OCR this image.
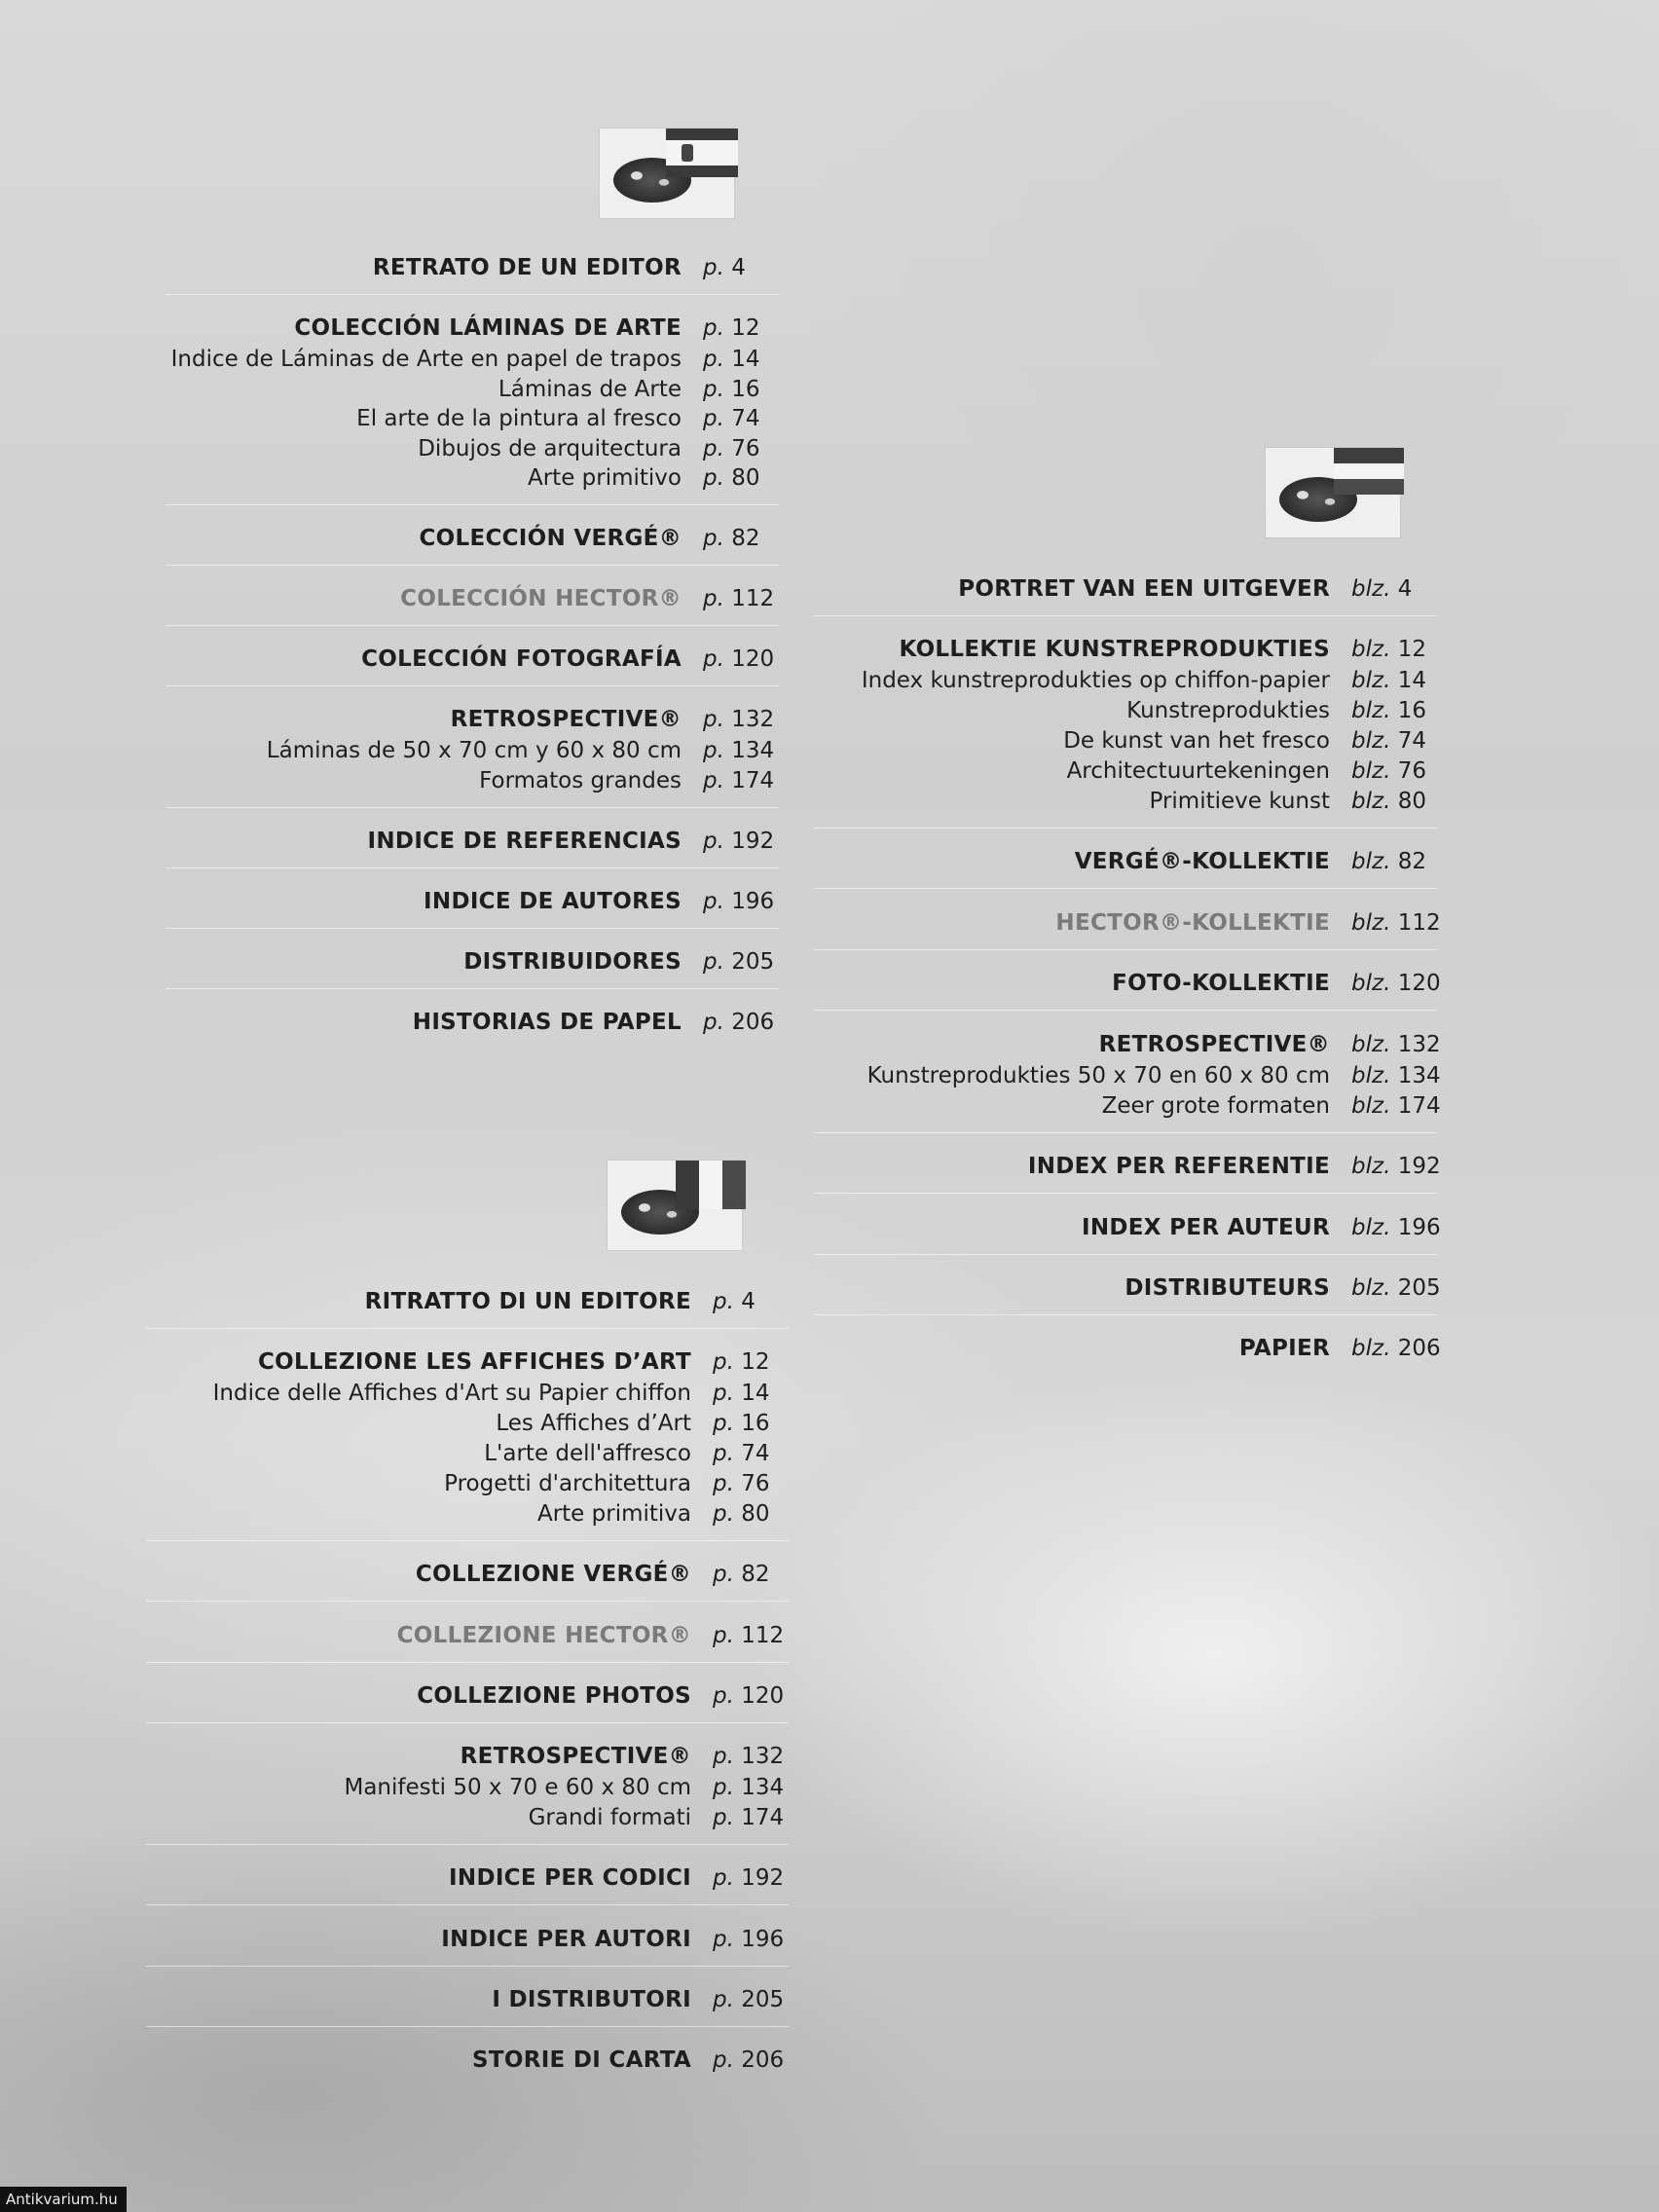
RETRATO DE UN EDITOR p. 4
COLECCIÓN LÁMINAS DE ARTE p. 12
Indice de Láminas de Arte en papel de trapos p. 14
Láminas de Arte p. 16
El arte de la pintura al fresco p. 74
Dibujos de arquitectura p. 76
Arte primitivo p. 80
COLECCIÓN VERGÉ® p. 82
COLECCIÓN HECTOR® p. 112
COLECCIÓN FOTOGRAFÍA p. 120
RETROSPECTIVE® p. 132
Láminas de 50 x 70 cm y 60 x 80 cm p. 134
Formatos grandes p. 174
INDICE DE REFERENCIAS p. 192
INDICE DE AUTORES p. 196
DISTRIBUIDORES p. 205
HISTORIAS DE PAPEL p. 206
PORTRET VAN EEN UITGEVER blz. 4
KOLLEKTIE KUNSTREPRODUKTIES blz. 12
Index kunstreprodukties op chiffon-papier blz. 14
Kunstreprodukties blz. 16
De kunst van het fresco blz. 74
Architectuurtekeningen blz. 76
Primitieve kunst blz. 80
VERGÉ®-KOLLEKTIE blz. 82
HECTOR®-KOLLEKTIE blz. 112
FOTO-KOLLEKTIE blz. 120
RETROSPECTIVE® blz. 132
Kunstreprodukties 50 x 70 en 60 x 80 cm blz. 134
Zeer grote formaten blz. 174
INDEX PER REFERENTIE blz. 192
INDEX PER AUTEUR blz. 196
DISTRIBUTEURS blz. 205
PAPIER blz. 206
RITRATTO DI UN EDITORE p. 4
COLLEZIONE LES AFFICHES D’ART p. 12
Indice delle Affiches d'Art su Papier chiffon p. 14
Les Affiches d’Art p. 16
L'arte dell'affresco p. 74
Progetti d'architettura p. 76
Arte primitiva p. 80
COLLEZIONE VERGÉ® p. 82
COLLEZIONE HECTOR® p. 112
COLLEZIONE PHOTOS p. 120
RETROSPECTIVE® p. 132
Manifesti 50 x 70 e 60 x 80 cm p. 134
Grandi formati p. 174
INDICE PER CODICI p. 192
INDICE PER AUTORI p. 196
I DISTRIBUTORI p. 205
STORIE DI CARTA p. 206
Antikvarium.hu
